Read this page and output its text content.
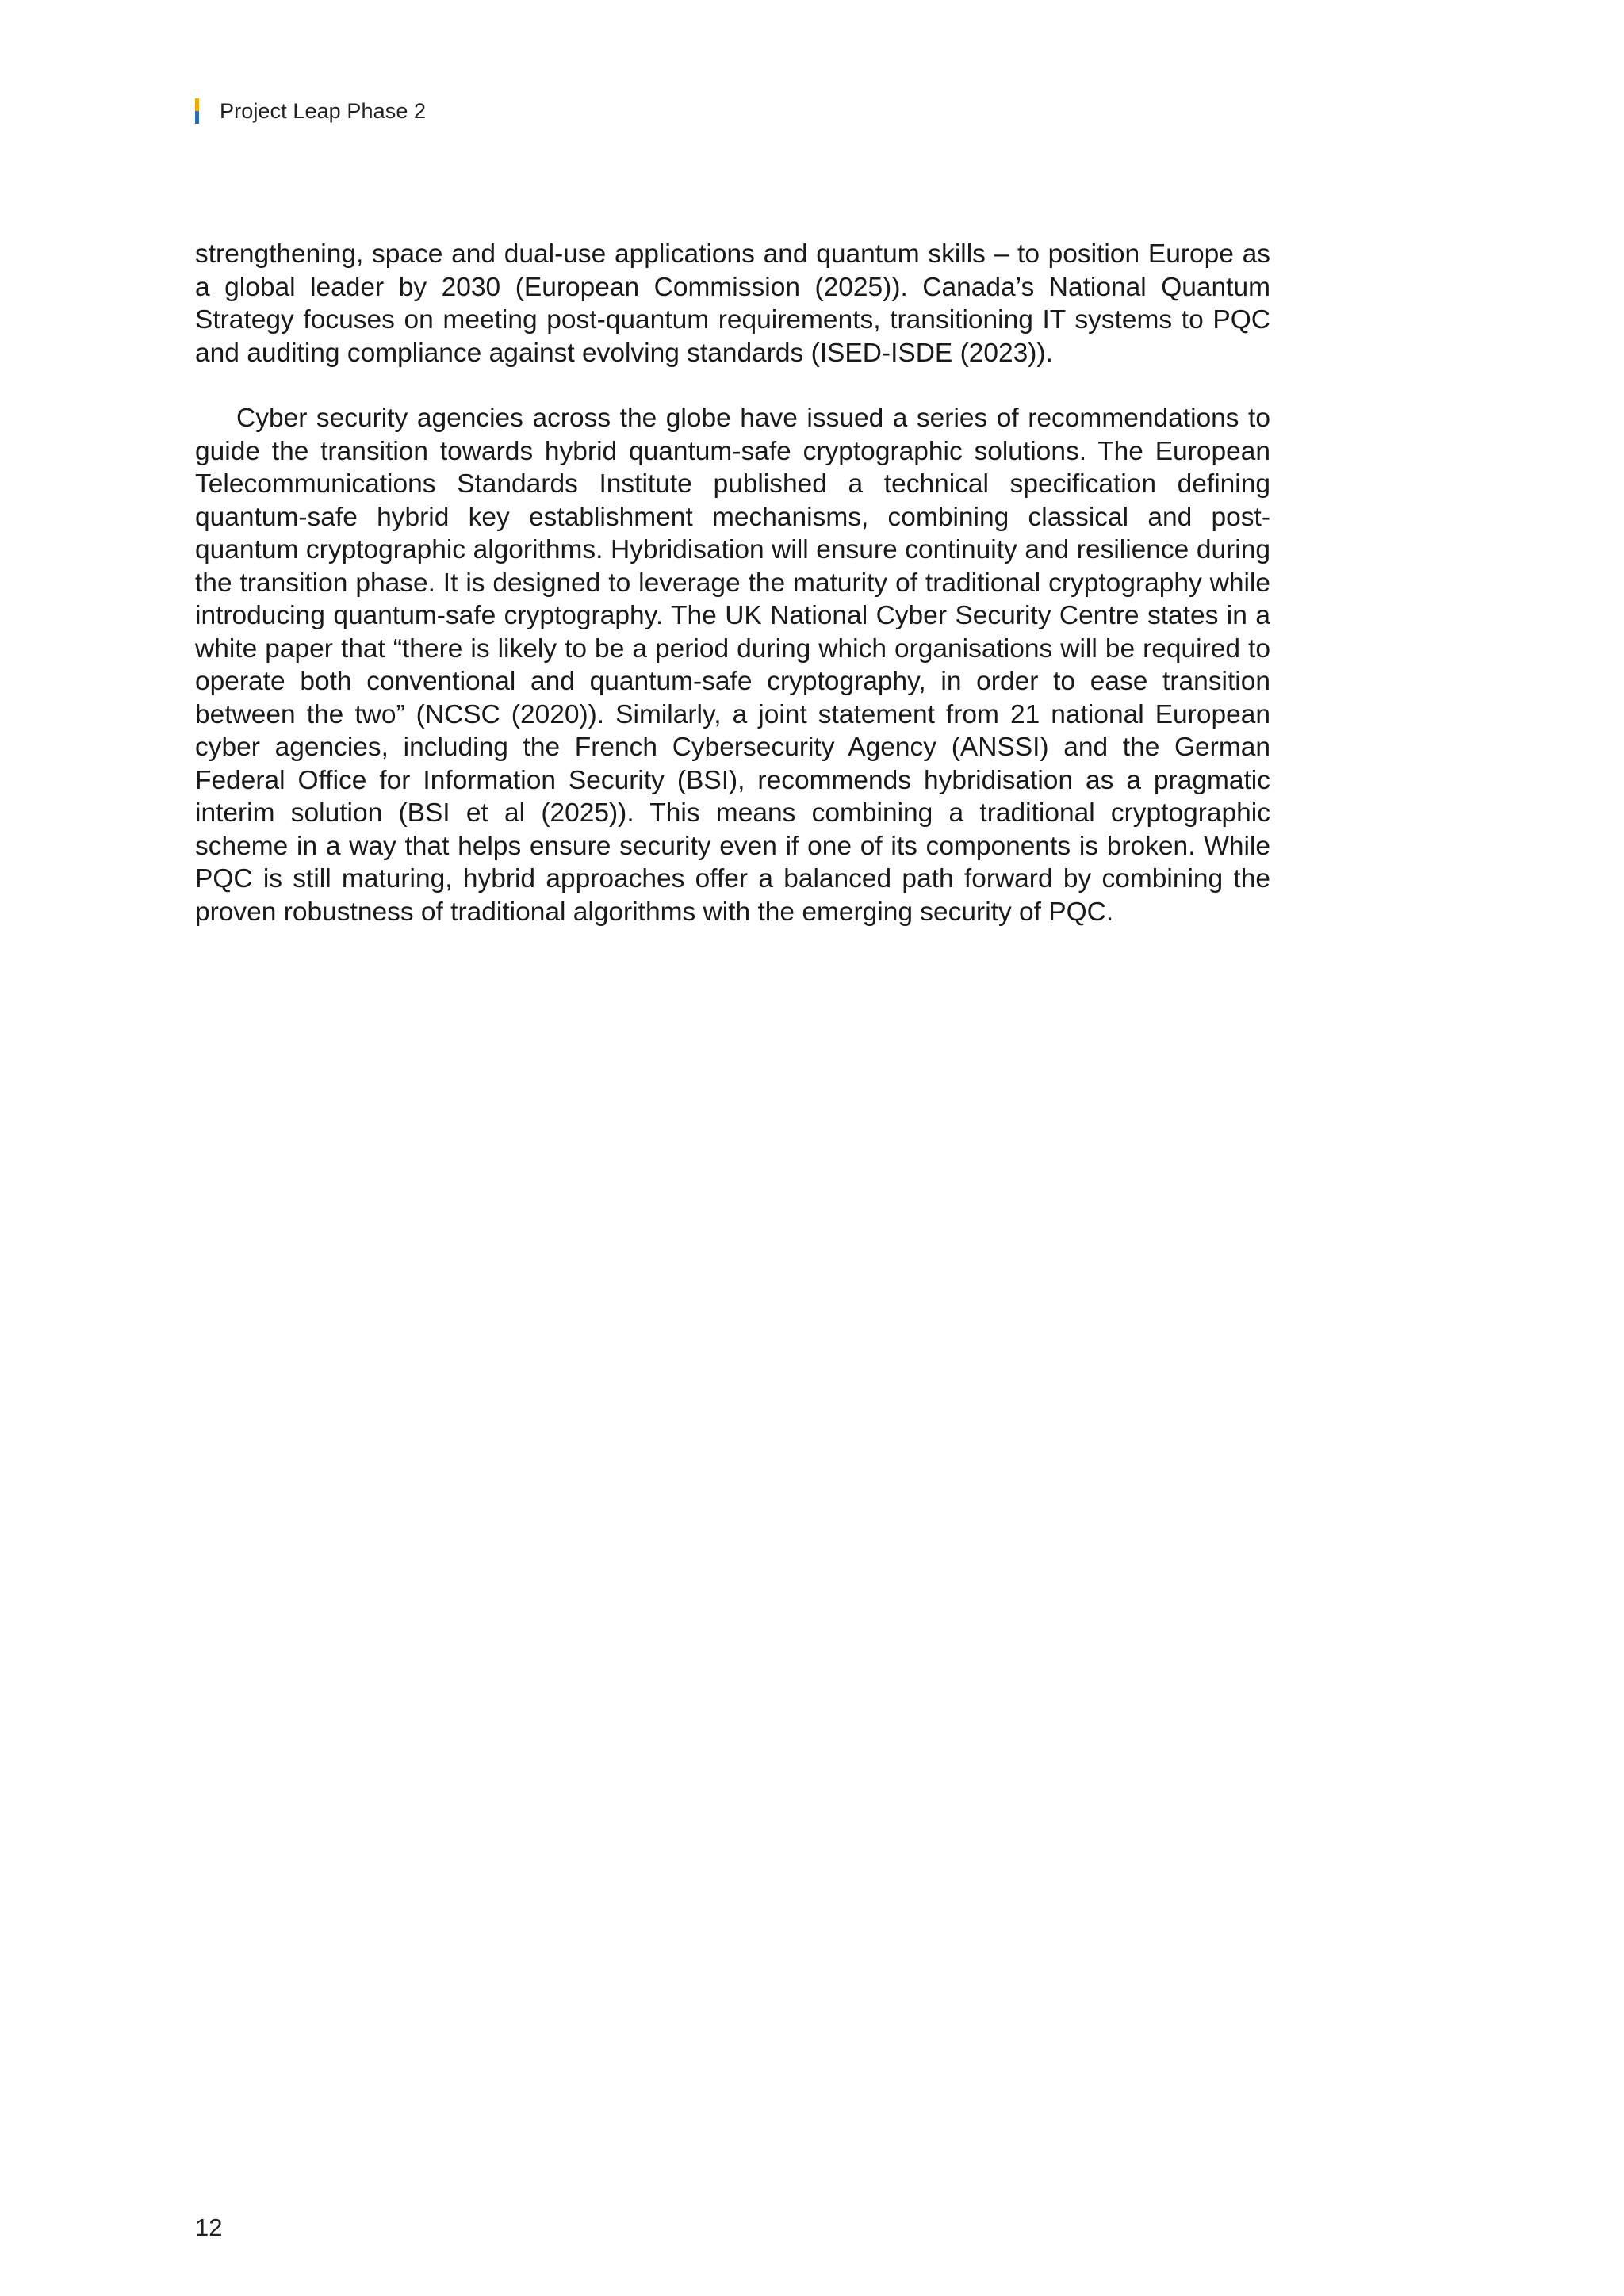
Project Leap Phase 2

strengthening, space and dual-use applications and quantum skills – to position Europe as a global leader by 2030 (European Commission (2025)). Canada’s National Quantum Strategy focuses on meeting post-quantum requirements, transitioning IT systems to PQC and auditing compliance against evolving standards (ISED-ISDE (2023)).

Cyber security agencies across the globe have issued a series of recommendations to guide the transition towards hybrid quantum-safe cryptographic solutions. The European Telecommunications Standards Institute published a technical specification defining quantum-safe hybrid key establishment mechanisms, combining classical and post-quantum cryptographic algorithms. Hybridisation will ensure continuity and resilience during the transition phase. It is designed to leverage the maturity of traditional cryptography while introducing quantum-safe cryptography. The UK National Cyber Security Centre states in a white paper that “there is likely to be a period during which organisations will be required to operate both conventional and quantum-safe cryptography, in order to ease transition between the two” (NCSC (2020)). Similarly, a joint statement from 21 national European cyber agencies, including the French Cybersecurity Agency (ANSSI) and the German Federal Office for Information Security (BSI), recommends hybridisation as a pragmatic interim solution (BSI et al (2025)). This means combining a traditional cryptographic scheme in a way that helps ensure security even if one of its components is broken. While PQC is still maturing, hybrid approaches offer a balanced path forward by combining the proven robustness of traditional algorithms with the emerging security of PQC.

12
